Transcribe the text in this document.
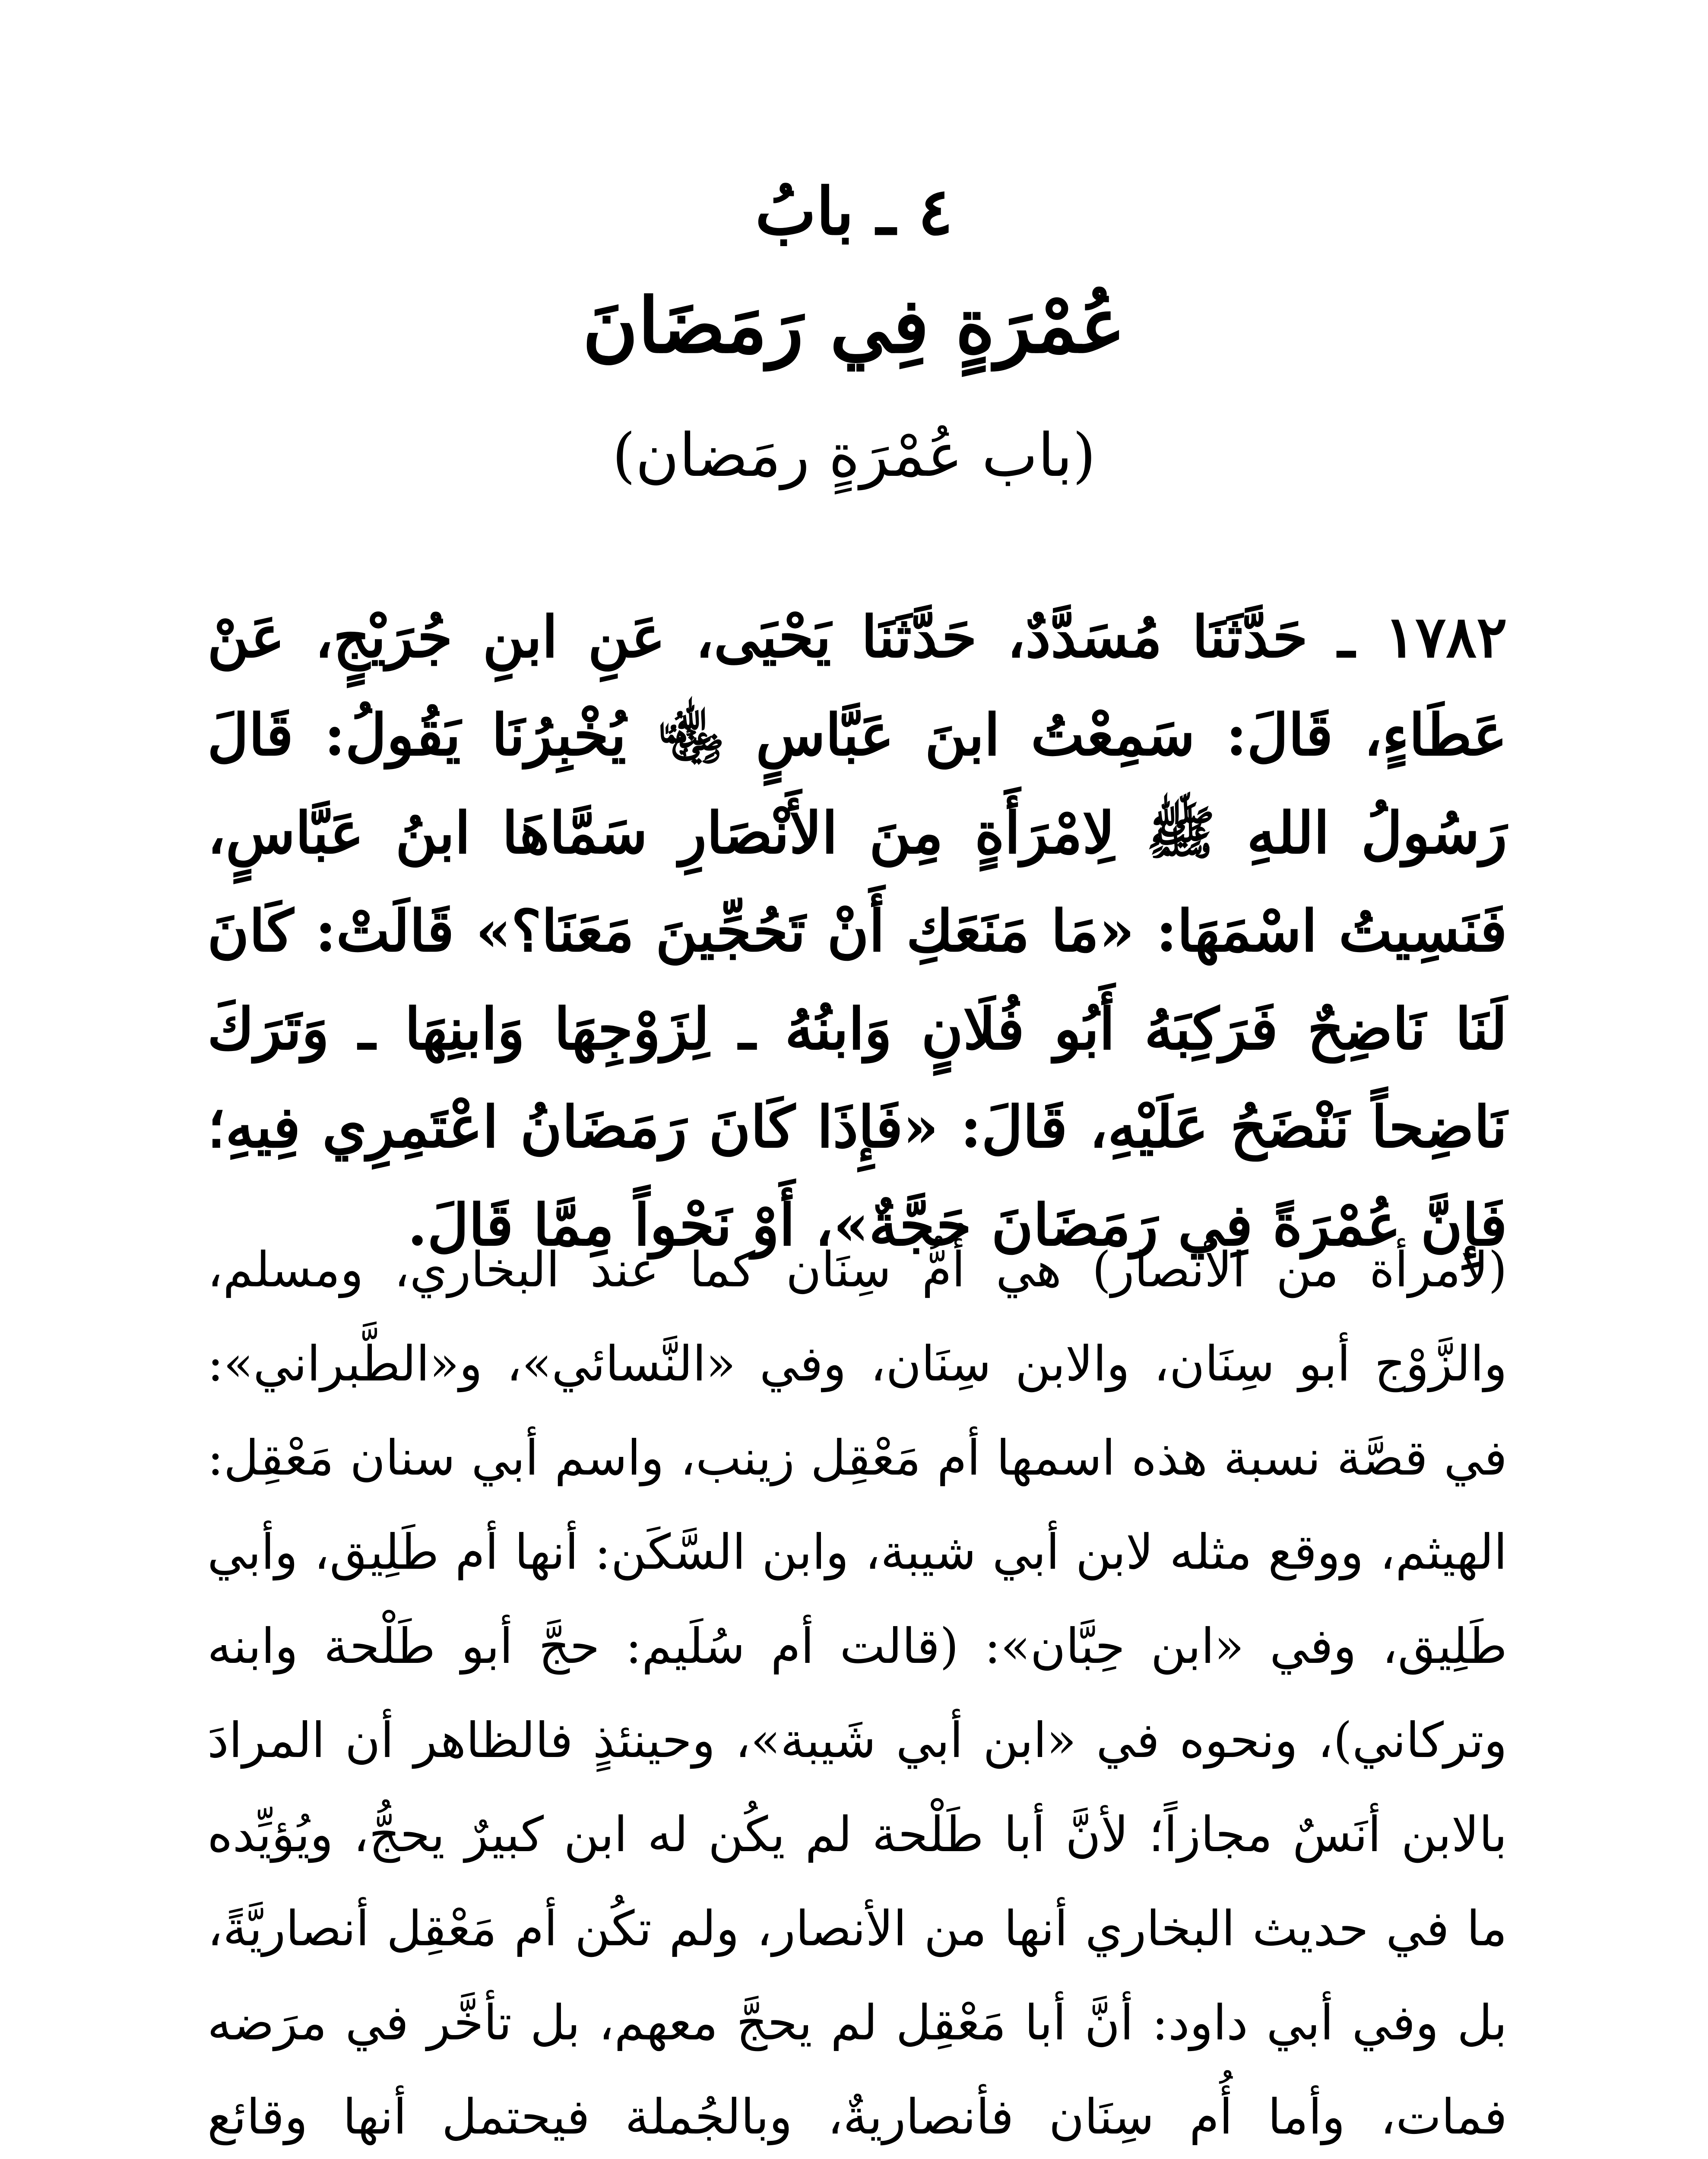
٤ ـ بابُ
عُمْرَةٍ فِي رَمَضَانَ
(باب عُمْرَةٍ رمَضان)

١٧٨٢ ـ حَدَّثَنَا مُسَدَّدٌ، حَدَّثَنَا يَحْيَى، عَنِ ابنِ جُرَيْجٍ، عَنْ عَطَاءٍ، قَالَ: سَمِعْتُ ابنَ عَبَّاسٍ ﵄ يُخْبِرُنَا يَقُولُ: قَالَ رَسُولُ اللهِ ﷺ لِامْرَأَةٍ مِنَ الأَنْصَارِ سَمَّاهَا ابنُ عَبَّاسٍ، فَنَسِيتُ اسْمَهَا: «مَا مَنَعَكِ أَنْ تَحُجِّينَ مَعَنَا؟» قَالَتْ: كَانَ لَنَا نَاضِحٌ فَرَكِبَهُ أَبُو فُلَانٍ وَابنُهُ ـ لِزَوْجِهَا وَابنِهَا ـ وَتَرَكَ نَاضِحاً نَنْضَحُ عَلَيْهِ، قَالَ: «فَإِذَا كَانَ رَمَضَانُ اعْتَمِرِي فِيهِ؛ فَإِنَّ عُمْرَةً فِي رَمَضَانَ حَجَّةٌ»، أَوْ نَحْواً مِمَّا قَالَ.

(لامرأة من الأنصار) هي أُمُّ سِنَان كما عند البخاري، ومسلم، والزَّوْج أبو سِنَان، والابن سِنَان، وفي «النَّسائي»، و«الطَّبراني»: في قصَّة نسبة هذه اسمها أم مَعْقِل زينب، واسم أبي سنان مَعْقِل: الهيثم، ووقع مثله لابن أبي شيبة، وابن السَّكَن: أنها أم طَلِيق، وأبي طَلِيق، وفي «ابن حِبَّان»: (قالت أم سُلَيم: حجَّ أبو طَلْحة وابنه وتركاني)، ونحوه في «ابن أبي شَيبة»، وحينئذٍ فالظاهر أن المرادَ بالابن أنَسٌ مجازاً؛ لأنَّ أبا طَلْحة لم يكُن له ابن كبيرٌ يحجُّ، ويُؤيِّده ما في حديث البخاري أنها من الأنصار، ولم تكُن أم مَعْقِل أنصاريَّةً، بل وفي أبي داود: أنَّ أبا مَعْقِل لم يحجَّ معهم، بل تأخَّر في مرَضه فمات، وأما أُم سِنَان فأنصاريةٌ، وبالجُملة فيحتمل أنها وقائع
